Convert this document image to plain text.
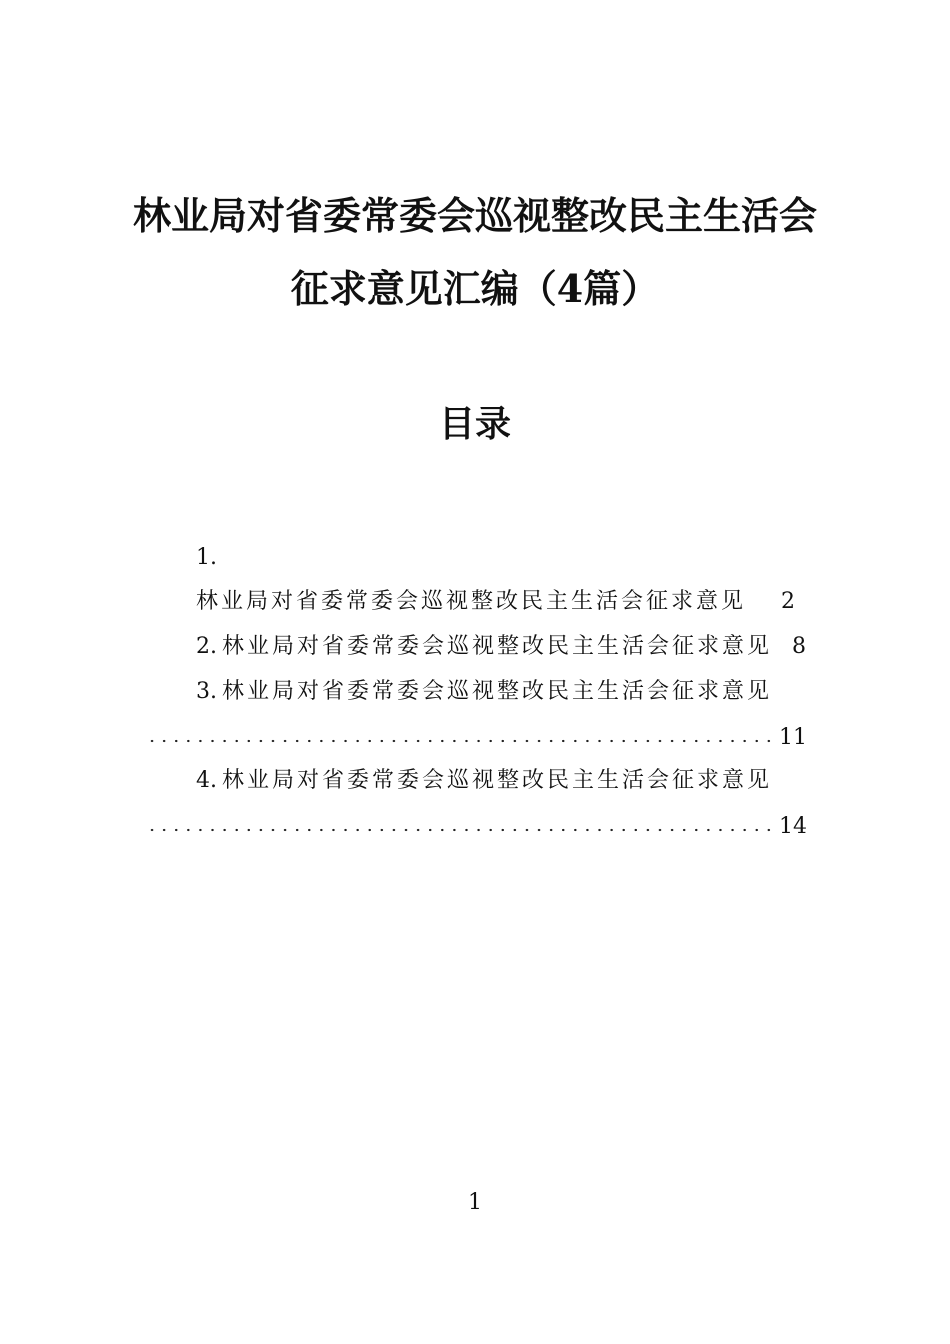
林业局对省委常委会巡视整改民主生活会
征求意见汇编（4篇）
目录
1.
林业局对省委常委会巡视整改民主生活会征求意见 2
2. 林业局对省委常委会巡视整改民主生活会征求意见 8
3. 林业局对省委常委会巡视整改民主生活会征求意见
11
4. 林业局对省委常委会巡视整改民主生活会征求意见
14
1
